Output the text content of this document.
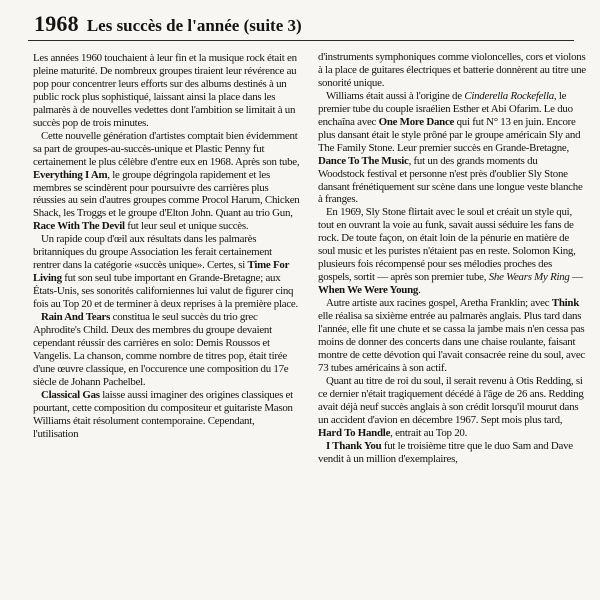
1968 Les succès de l'année (suite 3)

Les années 1960 touchaient à leur fin et la musique rock était en pleine maturité. De nombreux groupes tiraient leur révérence au pop pour concentrer leurs efforts sur des albums destinés à un public rock plus sophistiqué, laissant ainsi la place dans les palmarès à de nouvelles vedettes dont l'ambition se limitait à un succès pop de trois minutes.

Cette nouvelle génération d'artistes comptait bien évidemment sa part de groupes-au-succès-unique et Plastic Penny fut certainement le plus célèbre d'entre eux en 1968. Après son tube, Everything I Am, le groupe dégringola rapidement et les membres se scindèrent pour poursuivre des carrières plus réussies au sein d'autres groupes comme Procol Harum, Chicken Shack, les Troggs et le groupe d'Elton John. Quant au trio Gun, Race With The Devil fut leur seul et unique succès.

Un rapide coup d'œil aux résultats dans les palmarès britanniques du groupe Association les ferait certainement rentrer dans la catégorie «succès unique». Certes, si Time For Living fut son seul tube important en Grande-Bretagne; aux États-Unis, ses sonorités californiennes lui valut de figurer cinq fois au Top 20 et de terminer à deux reprises à la première place.

Rain And Tears constitua le seul succès du trio grec Aphrodite's Child. Deux des membres du groupe devaient cependant réussir des carrières en solo: Demis Roussos et Vangelis. La chanson, comme nombre de titres pop, était tirée d'une œuvre classique, en l'occurence une composition du 17e siècle de Johann Pachelbel.

Classical Gas laisse aussi imaginer des origines classiques et pourtant, cette composition du compositeur et guitariste Mason Williams était résolument contemporaine. Cependant, l'utilisation

d'instruments symphoniques comme violoncelles, cors et violons à la place de guitares électriques et batterie donnèrent au titre une sonorité unique.

Williams était aussi à l'origine de Cinderella Rockefella, le premier tube du couple israélien Esther et Abi Ofarim. Le duo enchaîna avec One More Dance qui fut N° 13 en juin. Encore plus dansant était le style prôné par le groupe américain Sly and The Family Stone. Leur premier succès en Grande-Bretagne, Dance To The Music, fut un des grands moments du Woodstock festival et personne n'est près d'oublier Sly Stone dansant frénétiquement sur scène dans une longue veste blanche à franges.

En 1969, Sly Stone flirtait avec le soul et créait un style qui, tout en ouvrant la voie au funk, savait aussi séduire les fans de rock. De toute façon, on était loin de la pénurie en matière de soul music et les puristes n'étaient pas en reste. Solomon King, plusieurs fois récompensé pour ses mélodies proches des gospels, sortit — après son premier tube, She Wears My Ring — When We Were Young.

Autre artiste aux racines gospel, Aretha Franklin; avec Think elle réalisa sa sixième entrée au palmarès anglais. Plus tard dans l'année, elle fit une chute et se cassa la jambe mais n'en cessa pas moins de donner des concerts dans une chaise roulante, faisant montre de cette dévotion qui l'avait consacrée reine du soul, avec 73 tubes américains à son actif.

Quant au titre de roi du soul, il serait revenu à Otis Redding, si ce dernier n'était tragiquement décédé à l'âge de 26 ans. Redding avait déjà neuf succès anglais à son crédit lorsqu'il mourut dans un accident d'avion en décembre 1967. Sept mois plus tard, Hard To Handle, entrait au Top 20.

I Thank You fut le troisième titre que le duo Sam and Dave vendit à un million d'exemplaires,
